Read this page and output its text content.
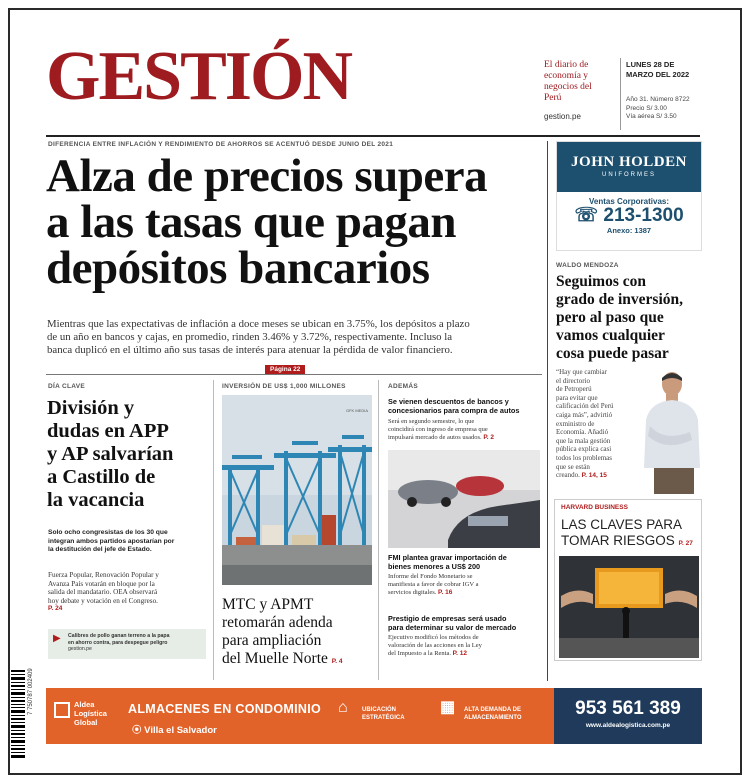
GESTIÓN	El diario de economía y negocios del Perú
gestion.pe
LUNES 28 DE MARZO DEL 2022
Año 31. Número 8722
Precio S/ 3.00
Vía aérea S/ 3.50
DIFERENCIA ENTRE INFLACIÓN Y RENDIMIENTO DE AHORROS SE ACENTUÓ DESDE JUNIO DEL 2021
Alza de precios supera
a las tasas que pagan
depósitos bancarios
Mientras que las expectativas de inflación a doce meses se ubican en 3.75%, los depósitos a plazo
de un año en bancos y cajas, en promedio, rinden 3.46% y 3.72%, respectivamente. Incluso la
banca duplicó en el último año sus tasas de interés para atenuar la pérdida de valor financiero.
Página 22
JOHN HOLDEN
UNIFORMES
Ventas Corporativas:
☏ 213-1300
Anexo: 1387
WALDO MENDOZA
Seguimos con
grado de inversión,
pero al paso que
vamos cualquier
cosa puede pasar
“Hay que cambiar
el directorio
de Petroperú
para evitar que
calificación del Perú
caiga más”, advirtió
exministro de
Economía. Añadió
que la mala gestión
pública explica casi
todos los problemas
que se están
creando. P. 14, 15
DÍA CLAVE
División y
dudas en APP
y AP salvarían
a Castillo de
la vacancia
Solo ocho congresistas de los 30 que
integran ambos partidos apostarían por
la destitución del jefe de Estado.
Fuerza Popular, Renovación Popular y
Avanza País votarán en bloque por la
salida del mandatario. OEA observará
hoy debate y votación en el Congreso.
P. 24
▶ Calibres de pollo ganan terreno a la papa
en ahorro contra, para despegue peligro
gestion.pe
INVERSIÓN DE US$ 1,000 MILLONES
GFK MEDIA
MTC y APMT
retomarán adenda
para ampliación
del Muelle Norte P. 4
ADEMÁS
Se vienen descuentos de bancos y
concesionarios para compra de autos
Será en segundo semestre, lo que
coincidirá con ingreso de empresa que
impulsará mercado de autos usados. P. 2
FMI plantea gravar importación de
bienes menores a US$ 200
Informe del Fondo Monetario se
manifiesta a favor de cobrar IGV a
servicios digitales. P. 16
Prestigio de empresas será usado
para determinar su valor de mercado
Ejecutivo modificó los métodos de
valoración de las acciones en la Ley
del Impuesto a la Renta. P. 12
HARVARD BUSINESS
LAS CLAVES PARA
TOMAR RIESGOS P. 27
Aldea
Logística
Global
ALMACENES EN CONDOMINIO
⦿ Villa el Salvador
⌂ UBICACIÓN
ESTRATÉGICA
▦ ALTA DEMANDA DE
ALMACENAMIENTO	953 561 389
www.aldealogistica.com.pe
7 750787 002409
